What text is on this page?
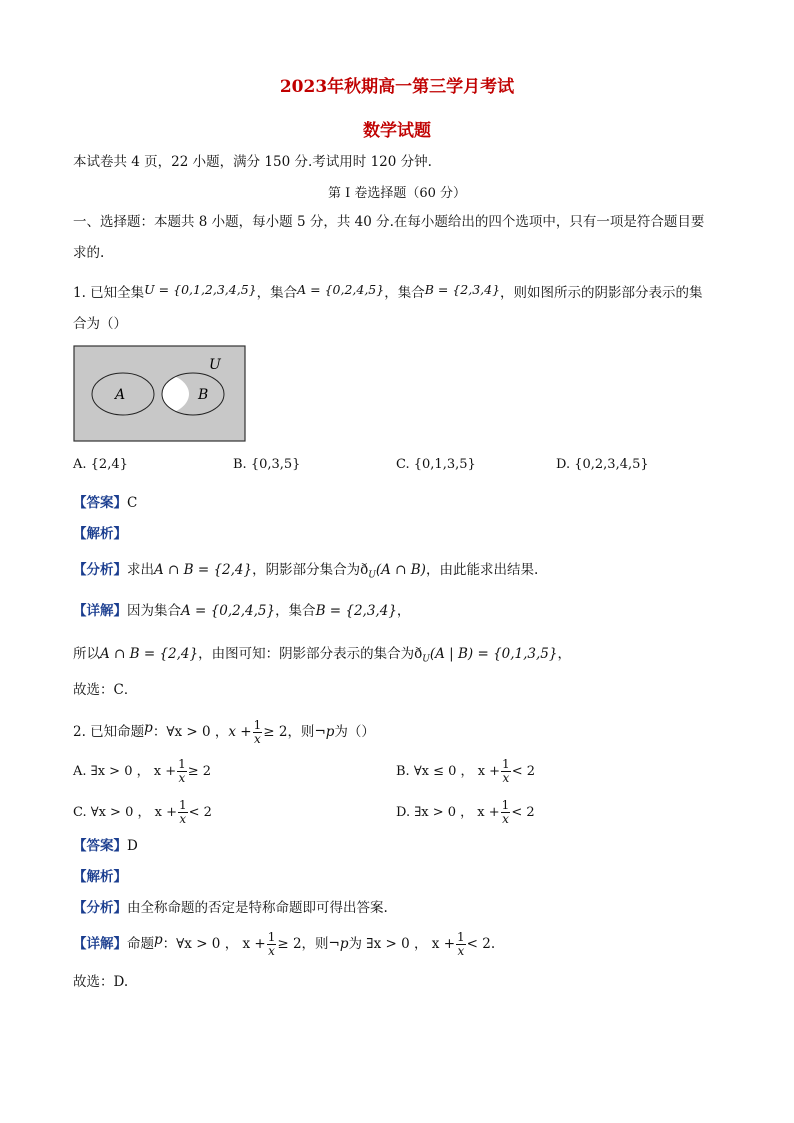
2023年秋期高一第三学月考试
数学试题
本试卷共 4 页，22 小题，满分 150 分.考试用时 120 分钟.
第 I 卷选择题（60 分）
一、选择题：本题共 8 小题，每小题 5 分，共 40 分.在每小题给出的四个选项中，只有一项是符合题目要
求的.
1. 已知全集U = {0,1,2,3,4,5}，集合A = {0,2,4,5}，集合B = {2,3,4}，则如图所示的阴影部分表示的集
合为（）
U
A	B
A. {2,4}	B. {0,3,5}	C. {0,1,3,5}	D. {0,2,3,4,5}
【答案】C
【解析】
【分析】求出A ∩ B = {2,4}，阴影部分集合为$ð_U(A$ ∩ B)，由此能求出结果.
【详解】因为集合A = {0,2,4,5}，集合B = {2,3,4}，
所以A ∩ B = {2,4}，由图可知：阴影部分表示的集合为$ð_U(A$ | B) = {0,1,3,5}，
故选：C．
2. 已知命题p：∀x > 0 ，$x + \frac{1}{x} \ge 2$，则¬p为（）
A. ∃x > 0 ， $x + \frac{1}{x} \ge 2$	B. ∀x ≤ 0 ， $x + \frac{1}{x} < 2$
C. ∀x > 0 ， $x + \frac{1}{x} < 2$	D. ∃x > 0 ， $x + \frac{1}{x} < 2$
【答案】D
【解析】
【分析】由全称命题的否定是特称命题即可得出答案.
【详解】命题p：∀x > 0 ， $x + \frac{1}{x} \ge 2$，则¬p为 ∃x > 0 ， $x + \frac{1}{x} < 2$.
故选：D.
